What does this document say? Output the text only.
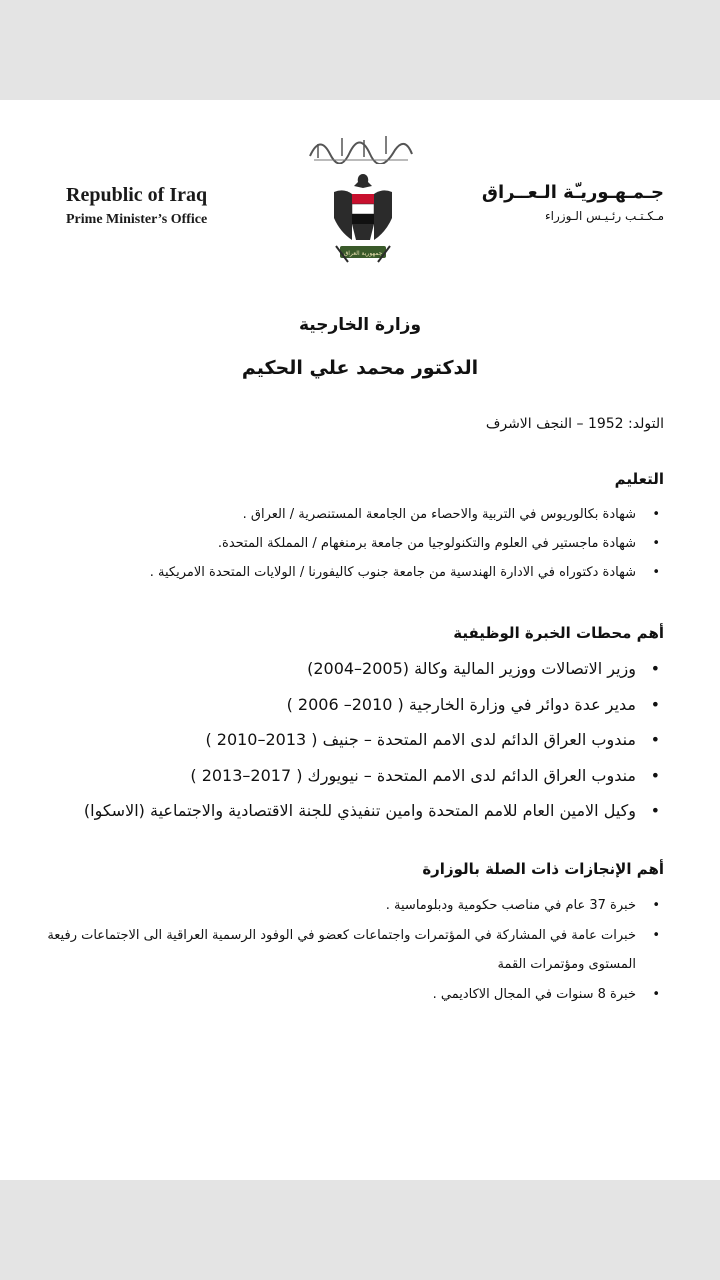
Republic of Iraq
Prime Minister’s Office
جمهورية العراق
جـمـهـوريـّة الـعــراق
مـكـتـب رئـيـس الـوزراء
وزارة الخارجية
الدكتور محمد علي الحكيم
التولد: 1952 – النجف الاشرف
التعليم
• شهادة بكالوريوس في التربية والاحصاء من الجامعة المستنصرية / العراق .
• شهادة ماجستير في العلوم والتكنولوجيا من جامعة برمنغهام / المملكة المتحدة.
• شهادة دكتوراه في الادارة الهندسية من جامعة جنوب كاليفورنا / الولايات المتحدة الامريكية .
أهم محطات الخبرة الوظيفية
• وزير الاتصالات ووزير المالية وكالة (2005–2004)
• مدير عدة دوائر في وزارة الخارجية ( 2010– 2006 )
• مندوب العراق الدائم لدى الامم المتحدة – جنيف ( 2013–2010 )
• مندوب العراق الدائم لدى الامم المتحدة – نيويورك ( 2017–2013 )
• وكيل الامين العام للامم المتحدة وامين تنفيذي للجنة الاقتصادية والاجتماعية (الاسكوا)
أهم الإنجازات ذات الصلة بالوزارة
• خبرة 37 عام في مناصب حكومية ودبلوماسية .
• خبرات عامة في المشاركة في المؤتمرات واجتماعات كعضو في الوفود الرسمية العراقية الى الاجتماعات رفيعة المستوى ومؤتمرات القمة
• خبرة 8 سنوات في المجال الاكاديمي .
